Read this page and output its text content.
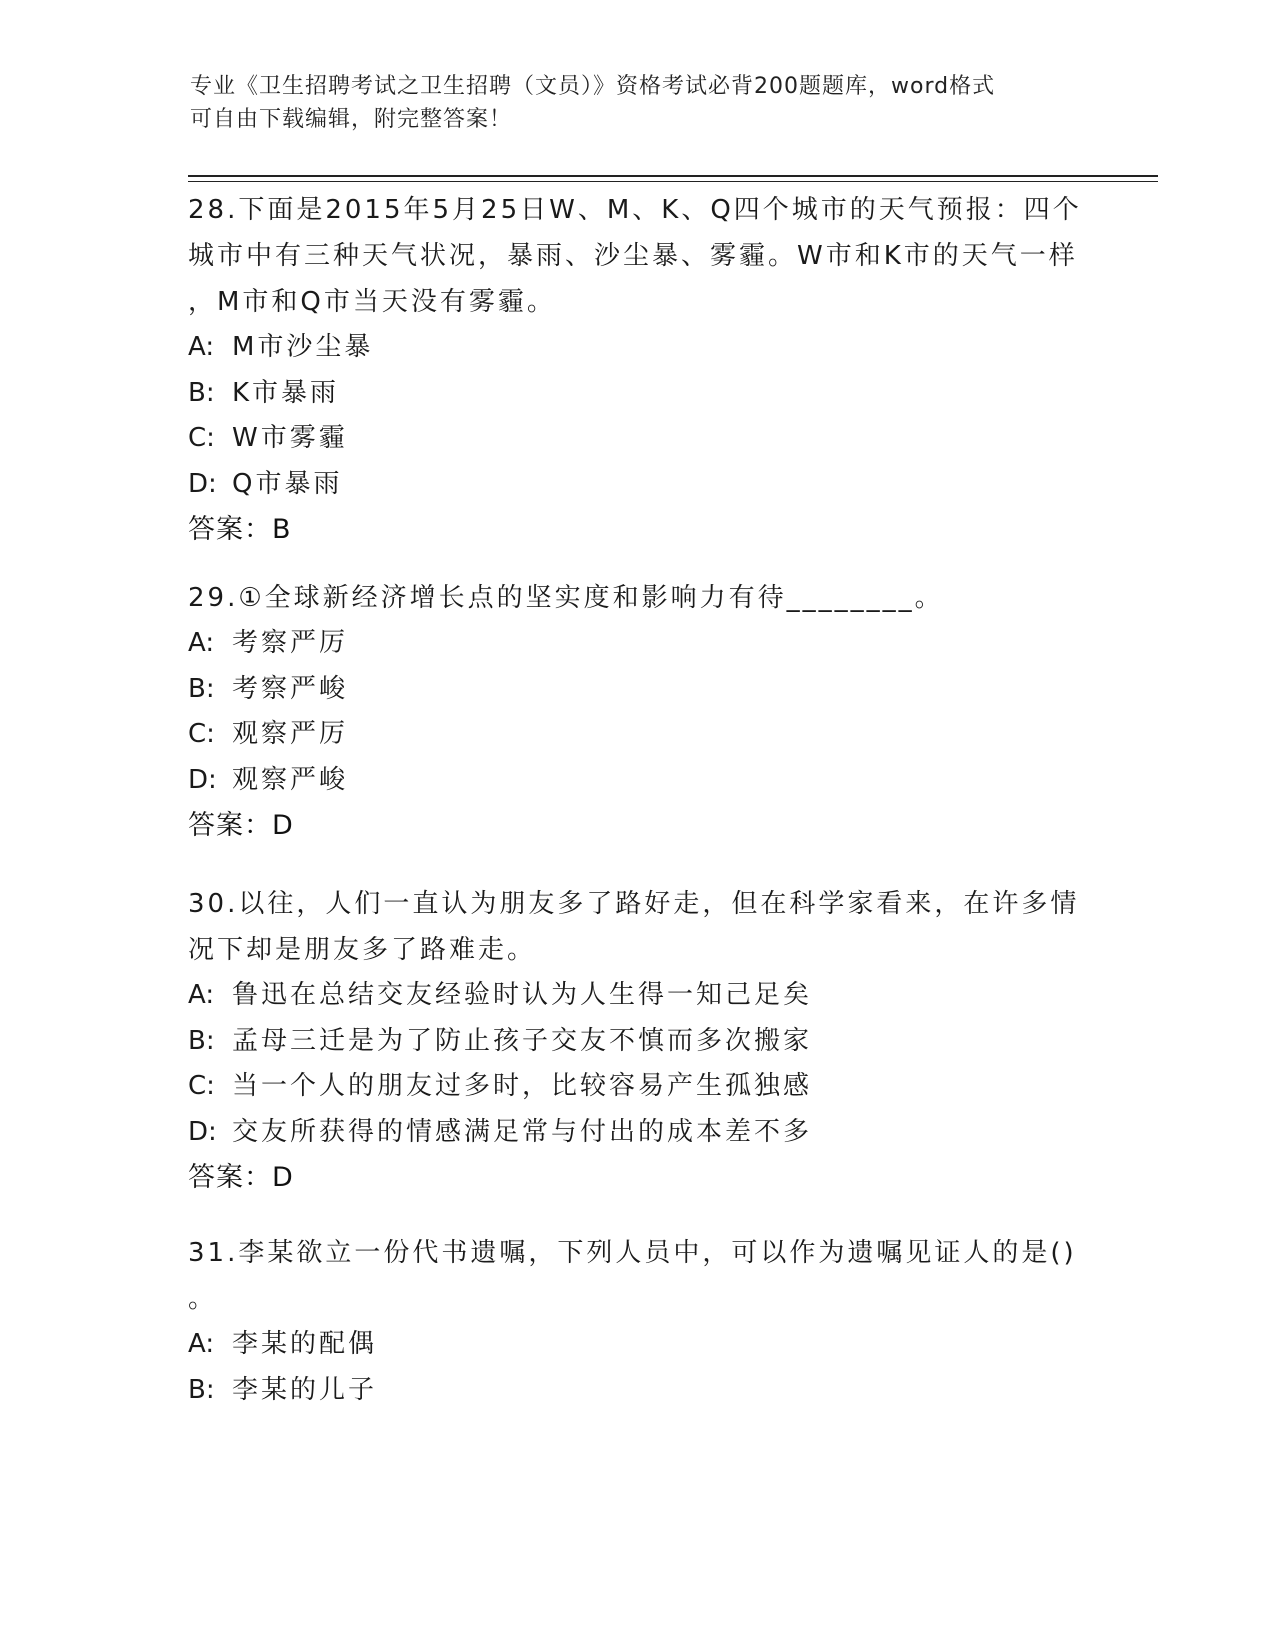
专业《卫生招聘考试之卫生招聘（文员）》资格考试必背200题题库，word格式
可自由下载编辑，附完整答案！

28.下面是2015年5月25日W、M、K、Q四个城市的天气预报：四个

城市中有三种天气状况，暴雨、沙尘暴、雾霾。W市和K市的天气一样

，M市和Q市当天没有雾霾。

A: M市沙尘暴

B: K市暴雨

C: W市雾霾

D: Q市暴雨

答案：B

29.①全球新经济增长点的坚实度和影响力有待________。

A: 考察严厉

B: 考察严峻

C: 观察严厉

D: 观察严峻

答案：D

30.以往，人们一直认为朋友多了路好走，但在科学家看来，在许多情

况下却是朋友多了路难走。

A: 鲁迅在总结交友经验时认为人生得一知己足矣

B: 孟母三迁是为了防止孩子交友不慎而多次搬家

C: 当一个人的朋友过多时，比较容易产生孤独感

D: 交友所获得的情感满足常与付出的成本差不多

答案：D

31.李某欲立一份代书遗嘱，下列人员中，可以作为遗嘱见证人的是()

。

A: 李某的配偶

B: 李某的儿子
